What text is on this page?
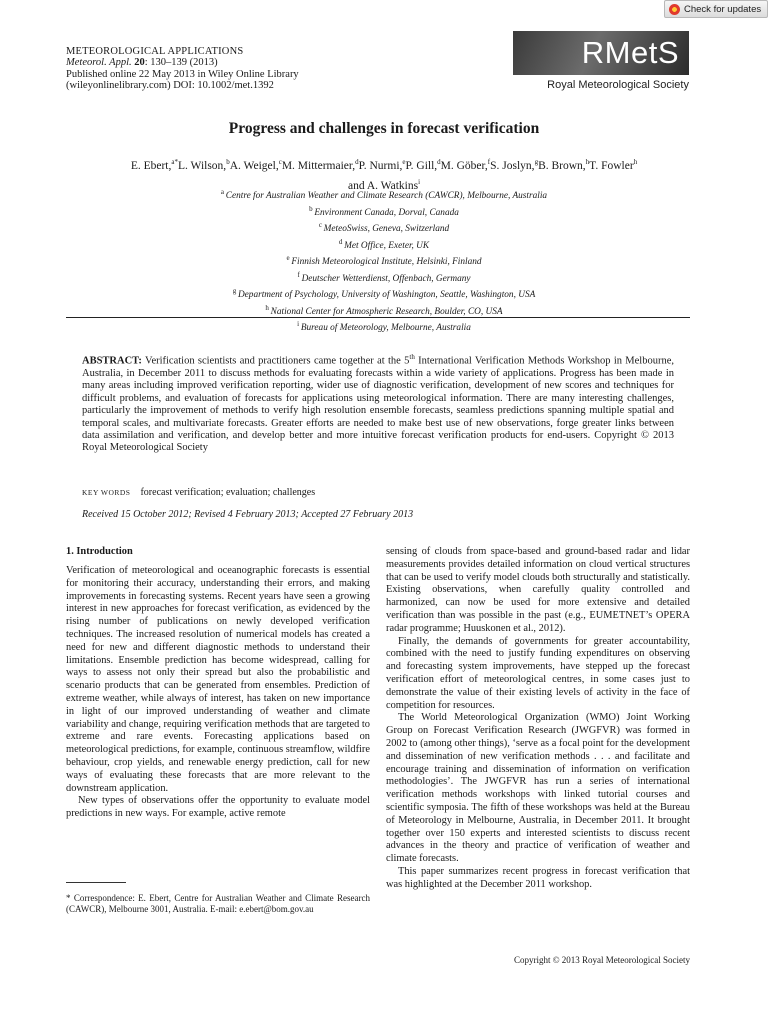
Check for updates
METEOROLOGICAL APPLICATIONS
Meteorol. Appl. 20: 130–139 (2013)
Published online 22 May 2013 in Wiley Online Library
(wileyonlinelibrary.com) DOI: 10.1002/met.1392
RMetS
Royal Meteorological Society
Progress and challenges in forecast verification
E. Ebert,$^{a*}$L. Wilson,$^b$A. Weigel,$^c$M. Mittermaier,$^d$P. Nurmi,$^e$P. Gill,$^d$M. Göber,$^f$S. Joslyn,$^g$B. Brown,$^h$T. Fowler$^h$
and A. Watkins$^i$
$^a$ Centre for Australian Weather and Climate Research (CAWCR), Melbourne, Australia
$^b$ Environment Canada, Dorval, Canada
$^c$ MeteoSwiss, Geneva, Switzerland
$^d$ Met Office, Exeter, UK
$^e$ Finnish Meteorological Institute, Helsinki, Finland
$^f$ Deutscher Wetterdienst, Offenbach, Germany
$^g$ Department of Psychology, University of Washington, Seattle, Washington, USA
$^h$ National Center for Atmospheric Research, Boulder, CO, USA
$^i$ Bureau of Meteorology, Melbourne, Australia
ABSTRACT: Verification scientists and practitioners came together at the 5th International Verification Methods Workshop in Melbourne, Australia, in December 2011 to discuss methods for evaluating forecasts within a wide variety of applications. Progress has been made in many areas including improved verification reporting, wider use of diagnostic verification, development of new scores and techniques for difficult problems, and evaluation of forecasts for applications using meteorological information. There are many interesting challenges, particularly the improvement of methods to verify high resolution ensemble forecasts, seamless predictions spanning multiple spatial and temporal scales, and multivariate forecasts. Greater efforts are needed to make best use of new observations, forge greater links between data assimilation and verification, and develop better and more intuitive forecast verification products for end-users. Copyright © 2013 Royal Meteorological Society
KEY WORDS forecast verification; evaluation; challenges
Received 15 October 2012; Revised 4 February 2013; Accepted 27 February 2013
1. Introduction

Verification of meteorological and oceanographic forecasts is essential for monitoring their accuracy, understanding their errors, and making improvements in forecasting systems. Recent years have seen a growing interest in new approaches for forecast verification, as evidenced by the rising number of publications on newly developed verification techniques. The increased resolution of numerical models has created a need for new and different diagnostic methods to understand their limitations. Ensemble prediction has become widespread, calling for ways to assess not only their spread but also the probabilistic and scenario products that can be generated from ensembles. Prediction of extreme weather, while always of interest, has taken on new importance in light of our improved understanding of weather and climate variability and change, requiring verification methods that are targeted to extreme and rare events. Forecasting applications based on meteorological predictions, for example, continuous streamflow, wildfire behaviour, crop yields, and renewable energy prediction, call for new ways of evaluating these forecasts that are more relevant to the downstream application.

New types of observations offer the opportunity to evaluate model predictions in new ways. For example, active remote

sensing of clouds from space-based and ground-based radar and lidar measurements provides detailed information on cloud vertical structures that can be used to verify model clouds both structurally and statistically. Existing observations, when carefully quality controlled and harmonized, can now be used for more extensive and detailed verification than was possible in the past (e.g., EUMETNET’s OPERA radar programme; Huuskonen et al., 2012).

Finally, the demands of governments for greater accountability, combined with the need to justify funding expenditures on observing and forecasting system improvements, have stepped up the forecast verification effort of meteorological centres, in some cases just to demonstrate the value of their existing levels of activity in the face of competition for resources.

The World Meteorological Organization (WMO) Joint Working Group on Forecast Verification Research (JWGFVR) was formed in 2002 to (among other things), ‘serve as a focal point for the development and dissemination of new verification methods . . . and facilitate and encourage training and dissemination of information on verification methodologies’. The JWGFVR has run a series of international verification methods workshops with linked tutorial courses and scientific symposia. The fifth of these workshops was held at the Bureau of Meteorology in Melbourne, Australia, in December 2011. It brought together over 150 experts and interested scientists to discuss recent advances in the theory and practice of verification of weather and climate forecasts.

This paper summarizes recent progress in forecast verification that was highlighted at the December 2011 workshop.

* Correspondence: E. Ebert, Centre for Australian Weather and Climate Research (CAWCR), Melbourne 3001, Australia. E-mail: e.ebert@bom.gov.au
Copyright © 2013 Royal Meteorological Society
